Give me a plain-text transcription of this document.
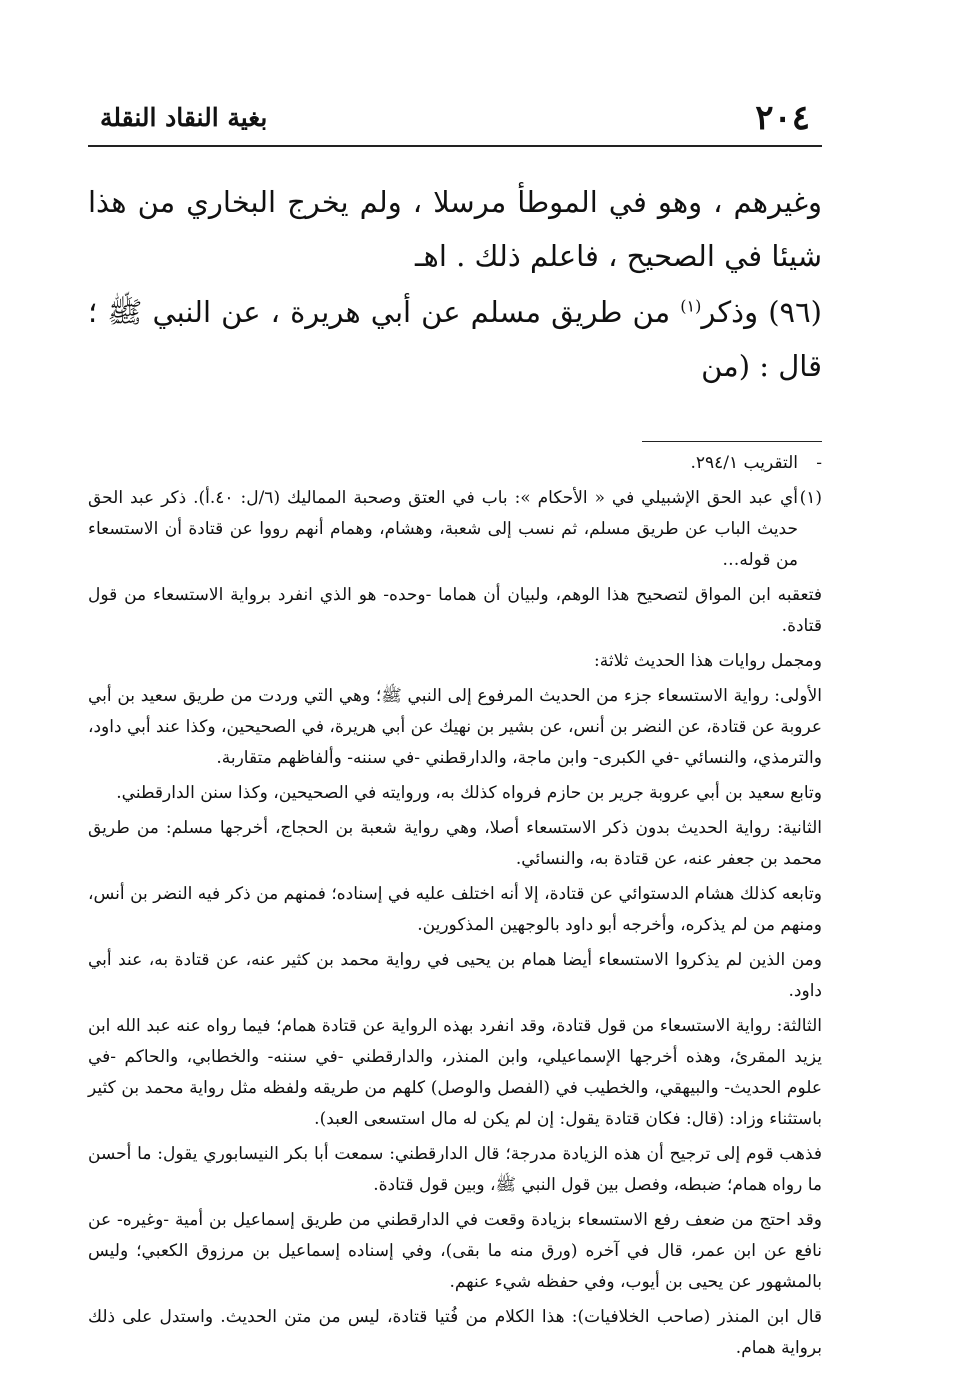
٢٠٤
بغية النقاد النقلة

وغيرهم ، وهو في الموطأ مرسلا ، ولم يخرج البخاري من هذا شيئا في الصحيح ، فاعلم ذلك . اهـ

(٩٦) وذكر$^{(١)}$ من طريق مسلم عن أبي هريرة ، عن النبي ﷺ ؛ قال : (من

-
التقريب ٢٩٤/١.
(١)
أي عبد الحق الإشبيلي في « الأحكام »: باب في العتق وصحبة المماليك (٦/ل: ٤٠.أ). ذكر عبد الحق حديث الباب عن طريق مسلم، ثم نسب إلى شعبة، وهشام، وهمام أنهم رووا عن قتادة أن الاستسعاء من قوله…

فتعقبه ابن المواق لتصحيح هذا الوهم، ولبيان أن هماما -وحده- هو الذي انفرد برواية الاستسعاء من قول قتادة.

ومجمل روايات هذا الحديث ثلاثة:

الأولى: رواية الاستسعاء جزء من الحديث المرفوع إلى النبي ﷺ؛ وهي التي وردت من طريق سعيد بن أبي عروبة عن قتادة، عن النضر بن أنس، عن بشير بن نهيك عن أبي هريرة، في الصحيحين، وكذا عند أبي داود، والترمذي، والنسائي -في الكبرى- وابن ماجة، والدارقطني -في سننه- وألفاظهم متقاربة.

وتابع سعيد بن أبي عروبة جرير بن حازم فرواه كذلك به، وروايته في الصحيحين، وكذا سنن الدارقطني.

الثانية: رواية الحديث بدون ذكر الاستسعاء أصلا، وهي رواية شعبة بن الحجاج، أخرجها مسلم: من طريق محمد بن جعفر عنه، عن قتادة به، والنسائي.

وتابعه كذلك هشام الدستوائي عن قتادة، إلا أنه اختلف عليه في إسناده؛ فمنهم من ذكر فيه النضر بن أنس، ومنهم من لم يذكره، وأخرجه أبو داود بالوجهين المذكورين.

ومن الذين لم يذكروا الاستسعاء أيضا همام بن يحيى في رواية محمد بن كثير عنه، عن قتادة به، عند أبي داود.

الثالثة: رواية الاستسعاء من قول قتادة، وقد انفرد بهذه الرواية عن قتادة همام؛ فيما رواه عنه عبد الله ابن يزيد المقرئ، وهذه أخرجها الإسماعيلي، وابن المنذر، والدارقطني -في سننه- والخطابي، والحاكم -في علوم الحديث- والبيهقي، والخطيب في (الفصل والوصل) كلهم من طريقه ولفظه مثل رواية محمد بن كثير باستثناء وزاد: (قال: فكان قتادة يقول: إن لم يكن له مال استسعى العبد).

فذهب قوم إلى ترجيح أن هذه الزيادة مدرجة؛ قال الدارقطني: سمعت أبا بكر النيسابوري يقول: ما أحسن ما رواه همام؛ ضبطه، وفصل بين قول النبي ﷺ، وبين قول قتادة.

وقد احتج من ضعف رفع الاستسعاء بزيادة وقعت في الدارقطني من طريق إسماعيل بن أمية -وغيره- عن نافع عن ابن عمر، قال في آخره (ورق منه ما بقى)، وفي إسناده إسماعيل بن مرزوق الكعبي؛ وليس بالمشهور عن يحيى بن أيوب، وفي حفظه شيء عنهم.

قال ابن المنذر (صاحب الخلافيات): هذا الكلام من فُتيا قتادة، ليس من متن الحديث. واستدل على ذلك برواية همام.
